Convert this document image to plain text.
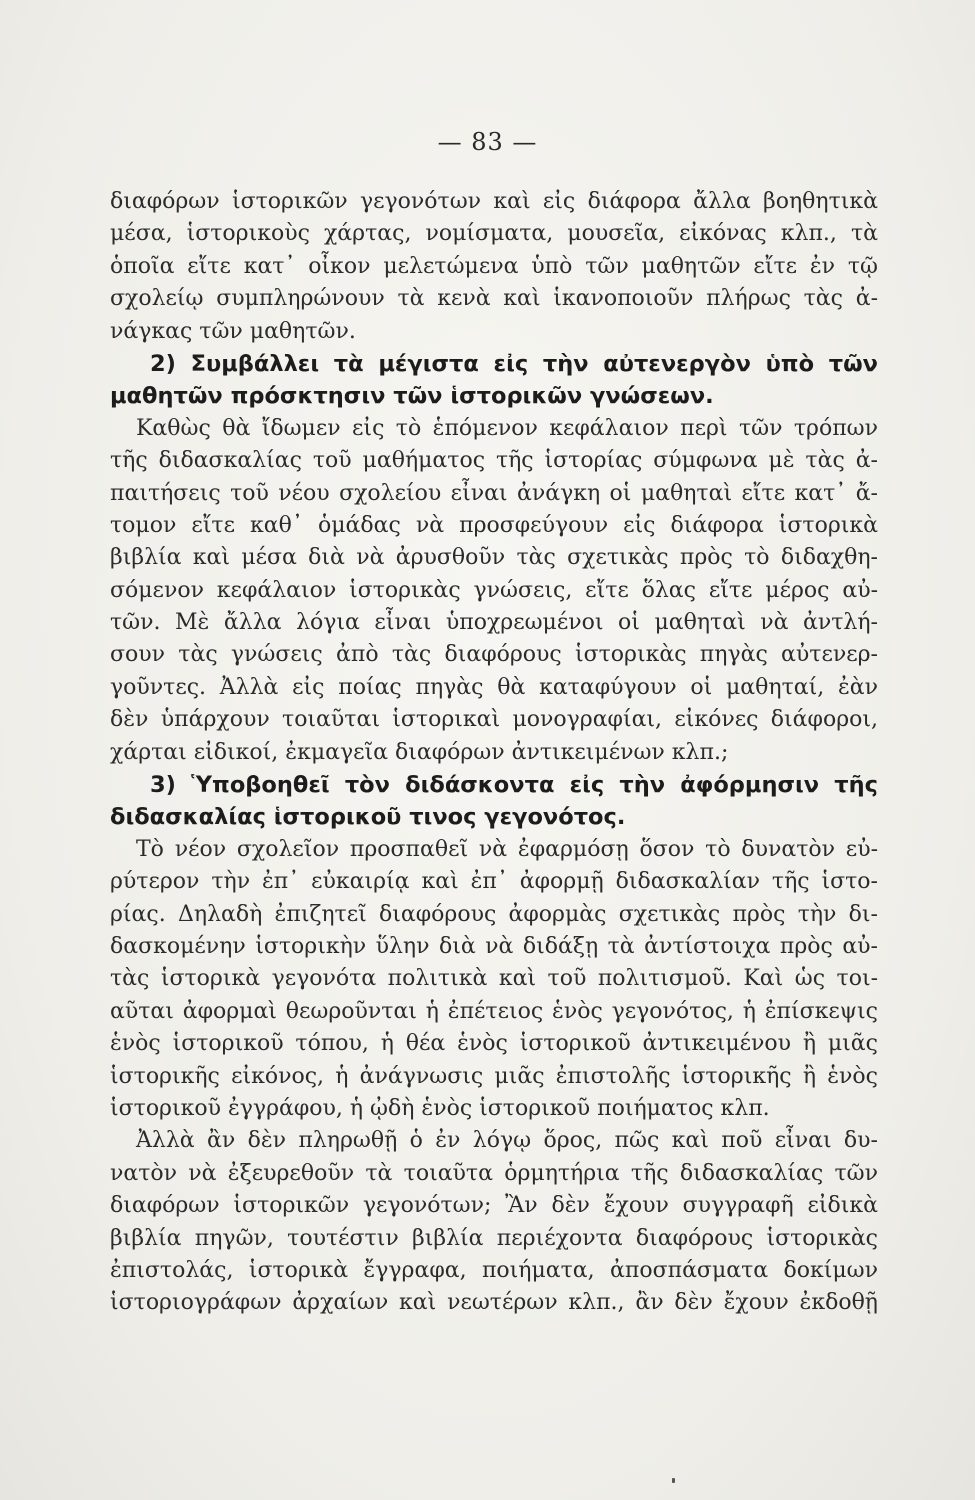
— 83 —
διαφόρων ἱστορικῶν γεγονότων καὶ εἰς διάφορα ἄλλα βοηθητικὰ
μέσα, ἱστορικοὺς χάρτας, νομίσματα, μουσεῖα, εἰκόνας κλπ., τὰ
ὁποῖα εἴτε κατ᾿ οἶκον μελετώμενα ὑπὸ τῶν μαθητῶν εἴτε ἐν τῷ
σχολείῳ συμπληρώνουν τὰ κενὰ καὶ ἱκανοποιοῦν πλήρως τὰς ἀ-
νάγκας τῶν μαθητῶν.
2) Συμβάλλει τὰ μέγιστα εἰς τὴν αὐτενεργὸν ὑπὸ τῶν
μαθητῶν πρόσκτησιν τῶν ἱστορικῶν γνώσεων.
Καθὼς θὰ ἴδωμεν εἰς τὸ ἑπόμενον κεφάλαιον περὶ τῶν τρόπων
τῆς διδασκαλίας τοῦ μαθήματος τῆς ἱστορίας σύμφωνα μὲ τὰς ἀ-
παιτήσεις τοῦ νέου σχολείου εἶναι ἀνάγκη οἱ μαθηταὶ εἴτε κατ᾿ ἄ-
τομον εἴτε καθ᾿ ὁμάδας νὰ προσφεύγουν εἰς διάφορα ἱστορικὰ
βιβλία καὶ μέσα διὰ νὰ ἀρυσθοῦν τὰς σχετικὰς πρὸς τὸ διδαχθη-
σόμενον κεφάλαιον ἱστορικὰς γνώσεις, εἴτε ὅλας εἴτε μέρος αὐ-
τῶν. Μὲ ἄλλα λόγια εἶναι ὑποχρεωμένοι οἱ μαθηταὶ νὰ ἀντλή-
σουν τὰς γνώσεις ἀπὸ τὰς διαφόρους ἱστορικὰς πηγὰς αὐτενερ-
γοῦντες. Ἀλλὰ εἰς ποίας πηγὰς θὰ καταφύγουν οἱ μαθηταί, ἐὰν
δὲν ὑπάρχουν τοιαῦται ἱστορικαὶ μονογραφίαι, εἰκόνες διάφοροι,
χάρται εἰδικοί, ἐκμαγεῖα διαφόρων ἀντικειμένων κλπ.;
3) Ὑποβοηθεῖ τὸν διδάσκοντα εἰς τὴν ἀφόρμησιν τῆς
διδασκαλίας ἱστορικοῦ τινος γεγονότος.
Τὸ νέον σχολεῖον προσπαθεῖ νὰ ἐφαρμόσῃ ὅσον τὸ δυνατὸν εὐ-
ρύτερον τὴν ἐπ᾿ εὐκαιρίᾳ καὶ ἐπ᾿ ἀφορμῇ διδασκαλίαν τῆς ἱστο-
ρίας. Δηλαδὴ ἐπιζητεῖ διαφόρους ἀφορμὰς σχετικὰς πρὸς τὴν δι-
δασκομένην ἱστορικὴν ὕλην διὰ νὰ διδάξῃ τὰ ἀντίστοιχα πρὸς αὐ-
τὰς ἱστορικὰ γεγονότα πολιτικὰ καὶ τοῦ πολιτισμοῦ. Καὶ ὡς τοι-
αῦται ἀφορμαὶ θεωροῦνται ἡ ἐπέτειος ἑνὸς γεγονότος, ἡ ἐπίσκεψις
ἑνὸς ἱστορικοῦ τόπου, ἡ θέα ἑνὸς ἱστορικοῦ ἀντικειμένου ἢ μιᾶς
ἱστορικῆς εἰκόνος, ἡ ἀνάγνωσις μιᾶς ἐπιστολῆς ἱστορικῆς ἢ ἑνὸς
ἱστορικοῦ ἐγγράφου, ἡ ᾠδὴ ἑνὸς ἱστορικοῦ ποιήματος κλπ.
Ἀλλὰ ἂν δὲν πληρωθῇ ὁ ἐν λόγῳ ὅρος, πῶς καὶ ποῦ εἶναι δυ-
νατὸν νὰ ἐξευρεθοῦν τὰ τοιαῦτα ὁρμητήρια τῆς διδασκαλίας τῶν
διαφόρων ἱστορικῶν γεγονότων; Ἂν δὲν ἔχουν συγγραφῆ εἰδικὰ
βιβλία πηγῶν, τουτέστιν βιβλία περιέχοντα διαφόρους ἱστορικὰς
ἐπιστολάς, ἱστορικὰ ἔγγραφα, ποιήματα, ἀποσπάσματα δοκίμων
ἱστοριογράφων ἀρχαίων καὶ νεωτέρων κλπ., ἂν δὲν ἔχουν ἐκδοθῇ
